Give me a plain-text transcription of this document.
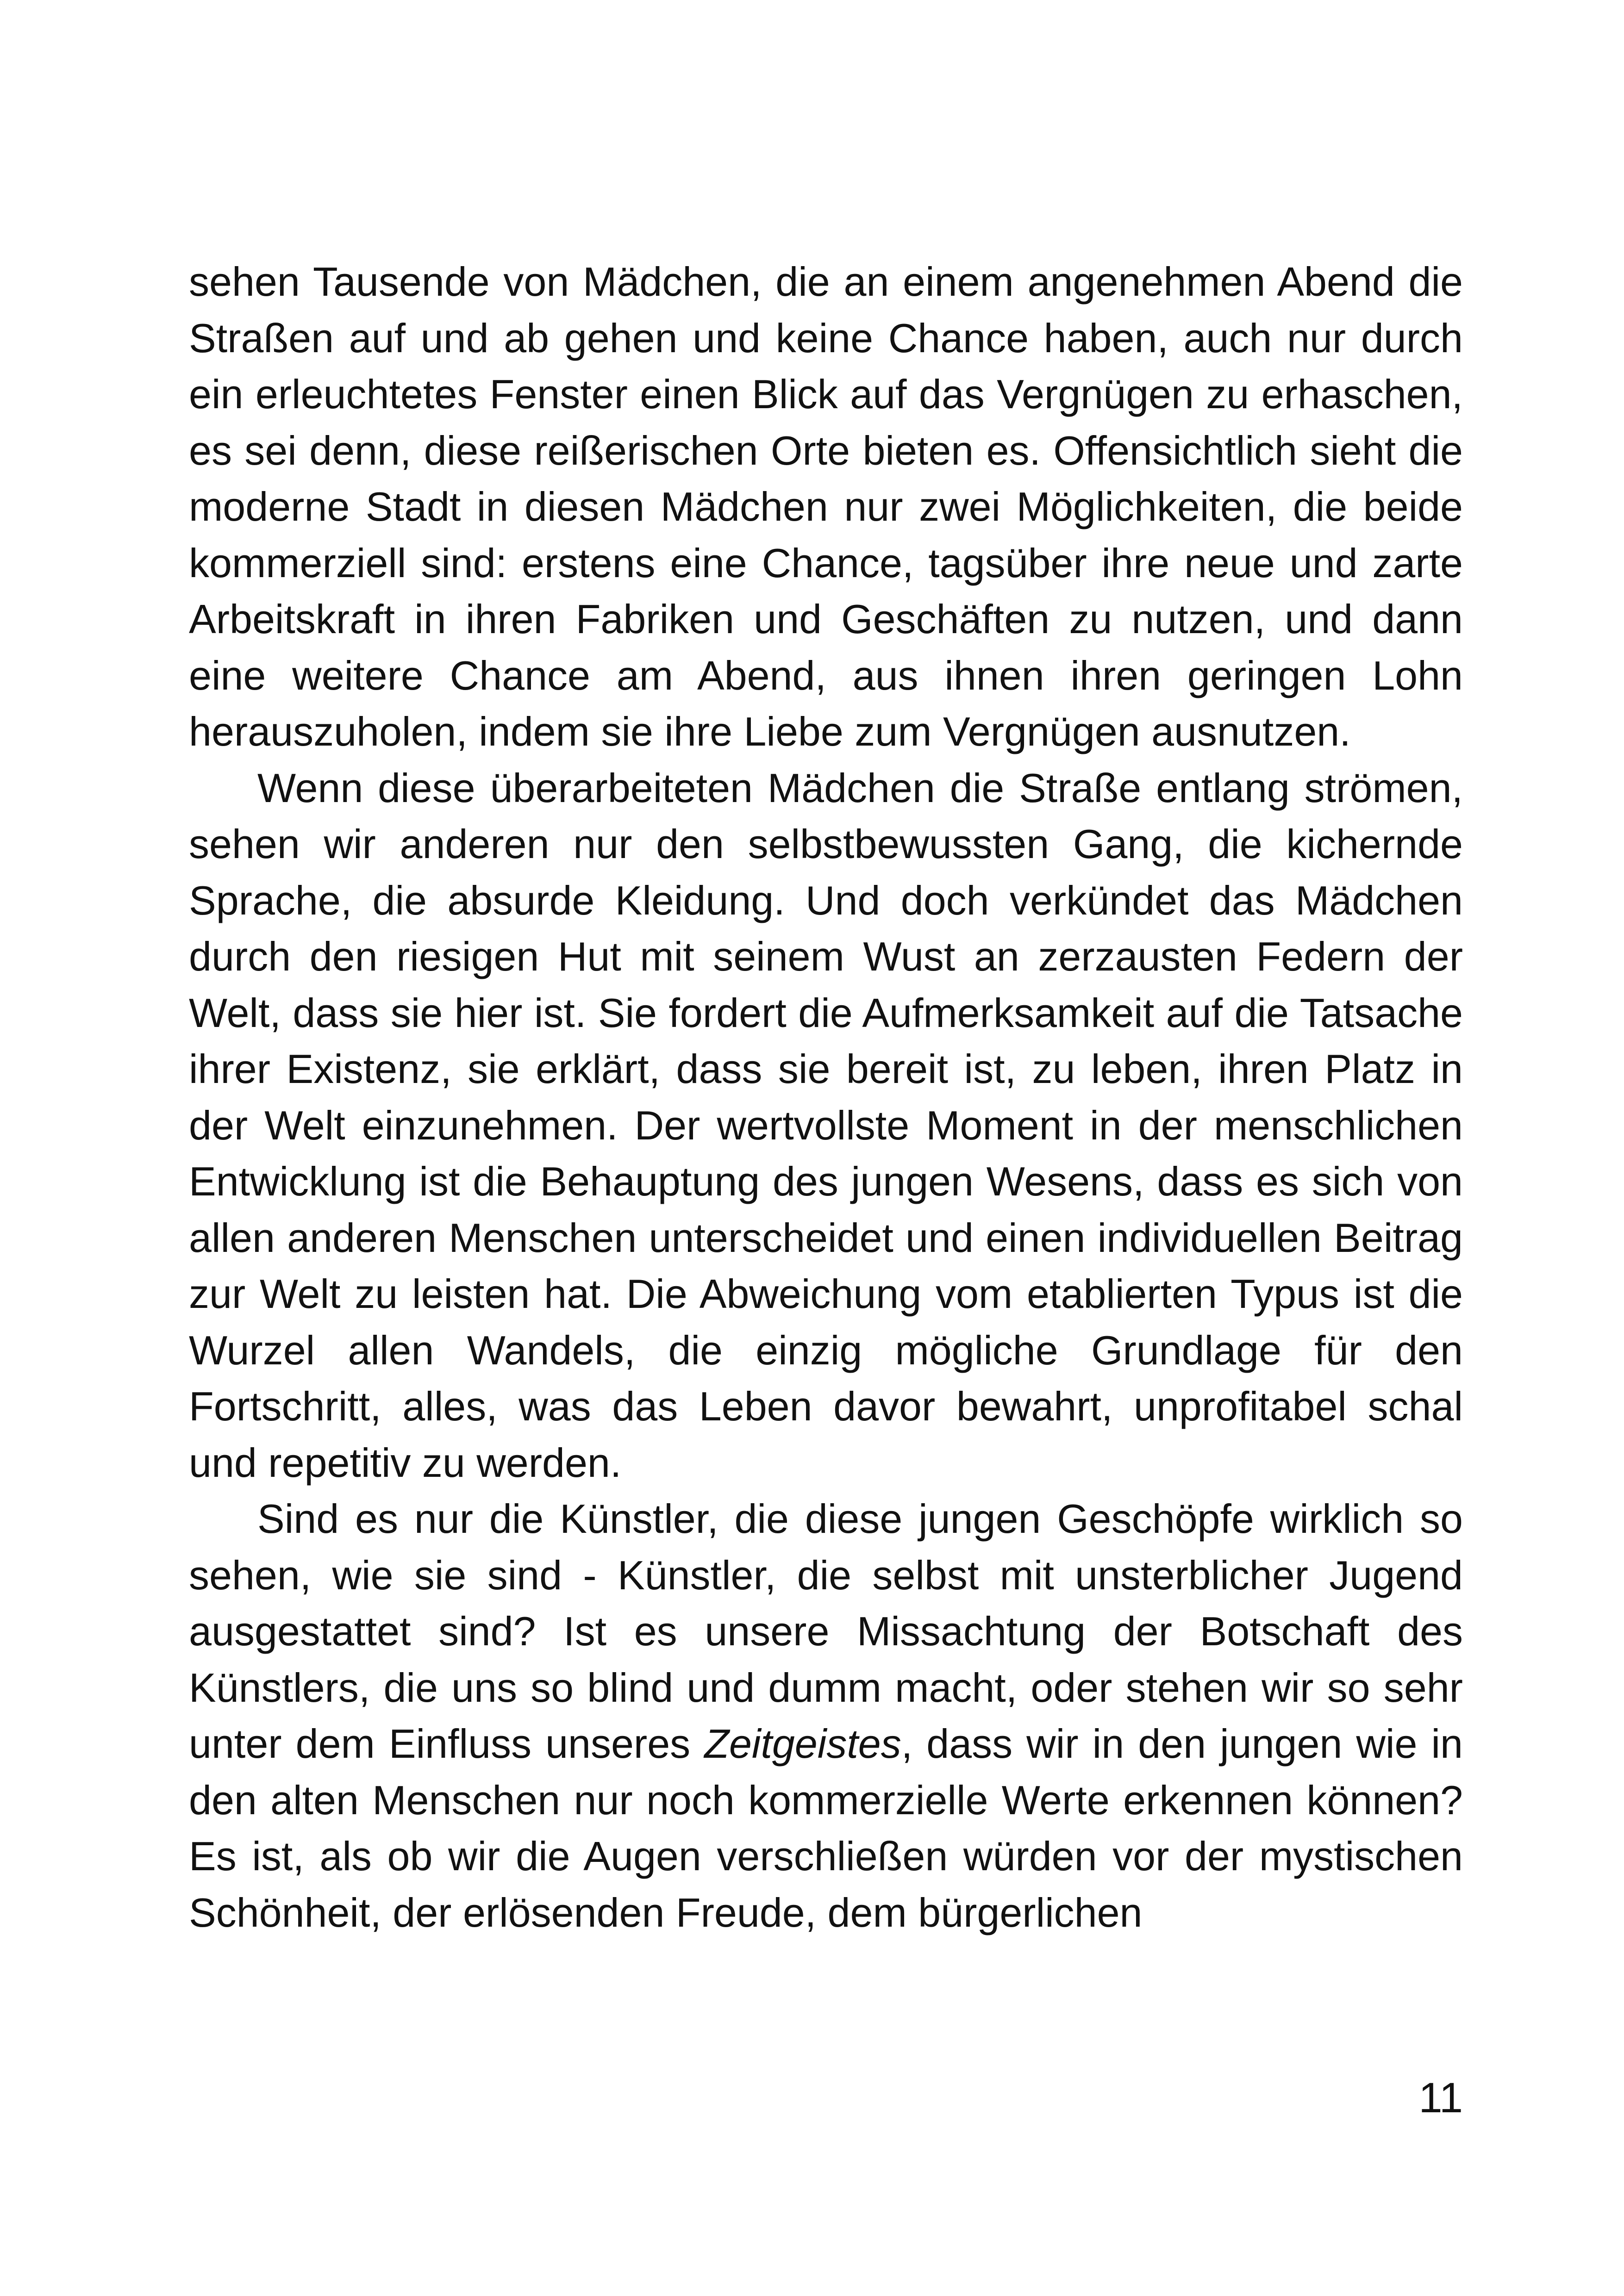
sehen Tausende von Mädchen, die an einem angenehmen Abend die Straßen auf und ab gehen und keine Chance haben, auch nur durch ein erleuchtetes Fenster einen Blick auf das Vergnügen zu erhaschen, es sei denn, diese reißerischen Orte bieten es. Offensichtlich sieht die moderne Stadt in diesen Mädchen nur zwei Möglichkeiten, die beide kommerziell sind: erstens eine Chance, tagsüber ihre neue und zarte Arbeitskraft in ihren Fabriken und Geschäften zu nutzen, und dann eine weitere Chance am Abend, aus ihnen ihren geringen Lohn herauszuholen, indem sie ihre Liebe zum Vergnügen ausnutzen.

Wenn diese überarbeiteten Mädchen die Straße entlang strömen, sehen wir anderen nur den selbstbewussten Gang, die kichernde Sprache, die absurde Kleidung. Und doch verkündet das Mädchen durch den riesigen Hut mit seinem Wust an zerzausten Federn der Welt, dass sie hier ist. Sie fordert die Aufmerksamkeit auf die Tatsache ihrer Existenz, sie erklärt, dass sie bereit ist, zu leben, ihren Platz in der Welt einzunehmen. Der wertvollste Moment in der menschlichen Entwicklung ist die Behauptung des jungen Wesens, dass es sich von allen anderen Menschen unterscheidet und einen individuellen Beitrag zur Welt zu leisten hat. Die Abweichung vom etablierten Typus ist die Wurzel allen Wandels, die einzig mögliche Grundlage für den Fortschritt, alles, was das Leben davor bewahrt, unprofitabel schal und repetitiv zu werden.

Sind es nur die Künstler, die diese jungen Geschöpfe wirklich so sehen, wie sie sind - Künstler, die selbst mit unsterblicher Jugend ausgestattet sind? Ist es unsere Missachtung der Botschaft des Künstlers, die uns so blind und dumm macht, oder stehen wir so sehr unter dem Einfluss unseres Zeitgeistes, dass wir in den jungen wie in den alten Menschen nur noch kommerzielle Werte erkennen können? Es ist, als ob wir die Augen verschließen würden vor der mystischen Schönheit, der erlösenden Freude, dem bürgerlichen

11
